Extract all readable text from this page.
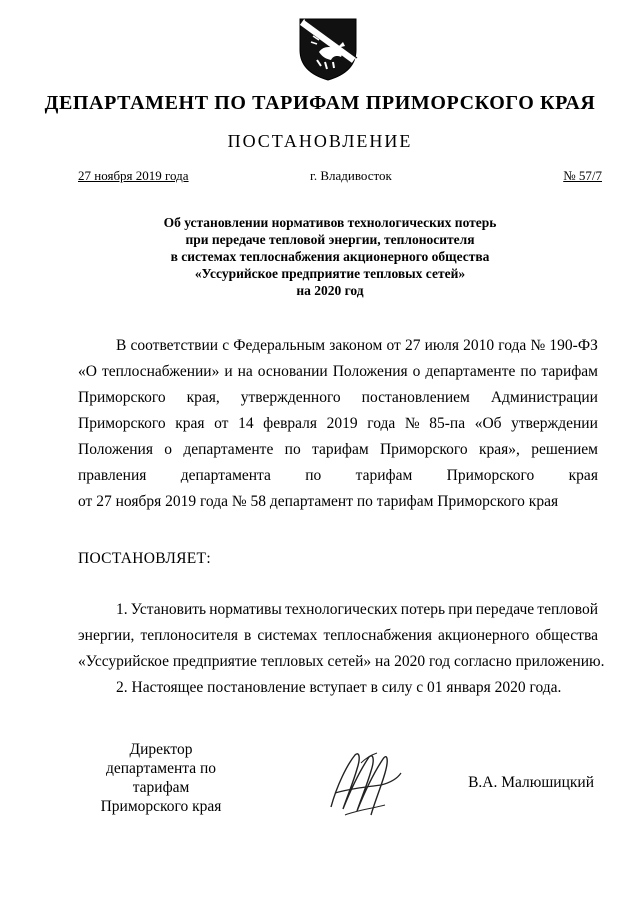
ДЕПАРТАМЕНТ ПО ТАРИФАМ ПРИМОРСКОГО КРАЯ
ПОСТАНОВЛЕНИЕ
27 ноября 2019 года	г. Владивосток	№ 57/7
Об установлении нормативов технологических потерь
при передаче тепловой энергии, теплоносителя
в системах теплоснабжения акционерного общества
«Уссурийское предприятие тепловых сетей»
на 2020 год
В соответствии с Федеральным законом от 27 июля 2010 года № 190-ФЗ
«О теплоснабжении» и на основании Положения о департаменте по тарифам
Приморского края, утвержденного постановлением Администрации
Приморского края от 14 февраля 2019 года № 85-па «Об утверждении
Положения о департаменте по тарифам Приморского края», решением
правления департамента по тарифам Приморского края
от 27 ноября 2019 года № 58 департамент по тарифам Приморского края
ПОСТАНОВЛЯЕТ:
1. Установить нормативы технологических потерь при передаче тепловой
энергии, теплоносителя в системах теплоснабжения акционерного общества
«Уссурийское предприятие тепловых сетей» на 2020 год согласно приложению.
2. Настоящее постановление вступает в силу с 01 января 2020 года.
Директор
департамента по тарифам
Приморского края
В.А. Малюшицкий
